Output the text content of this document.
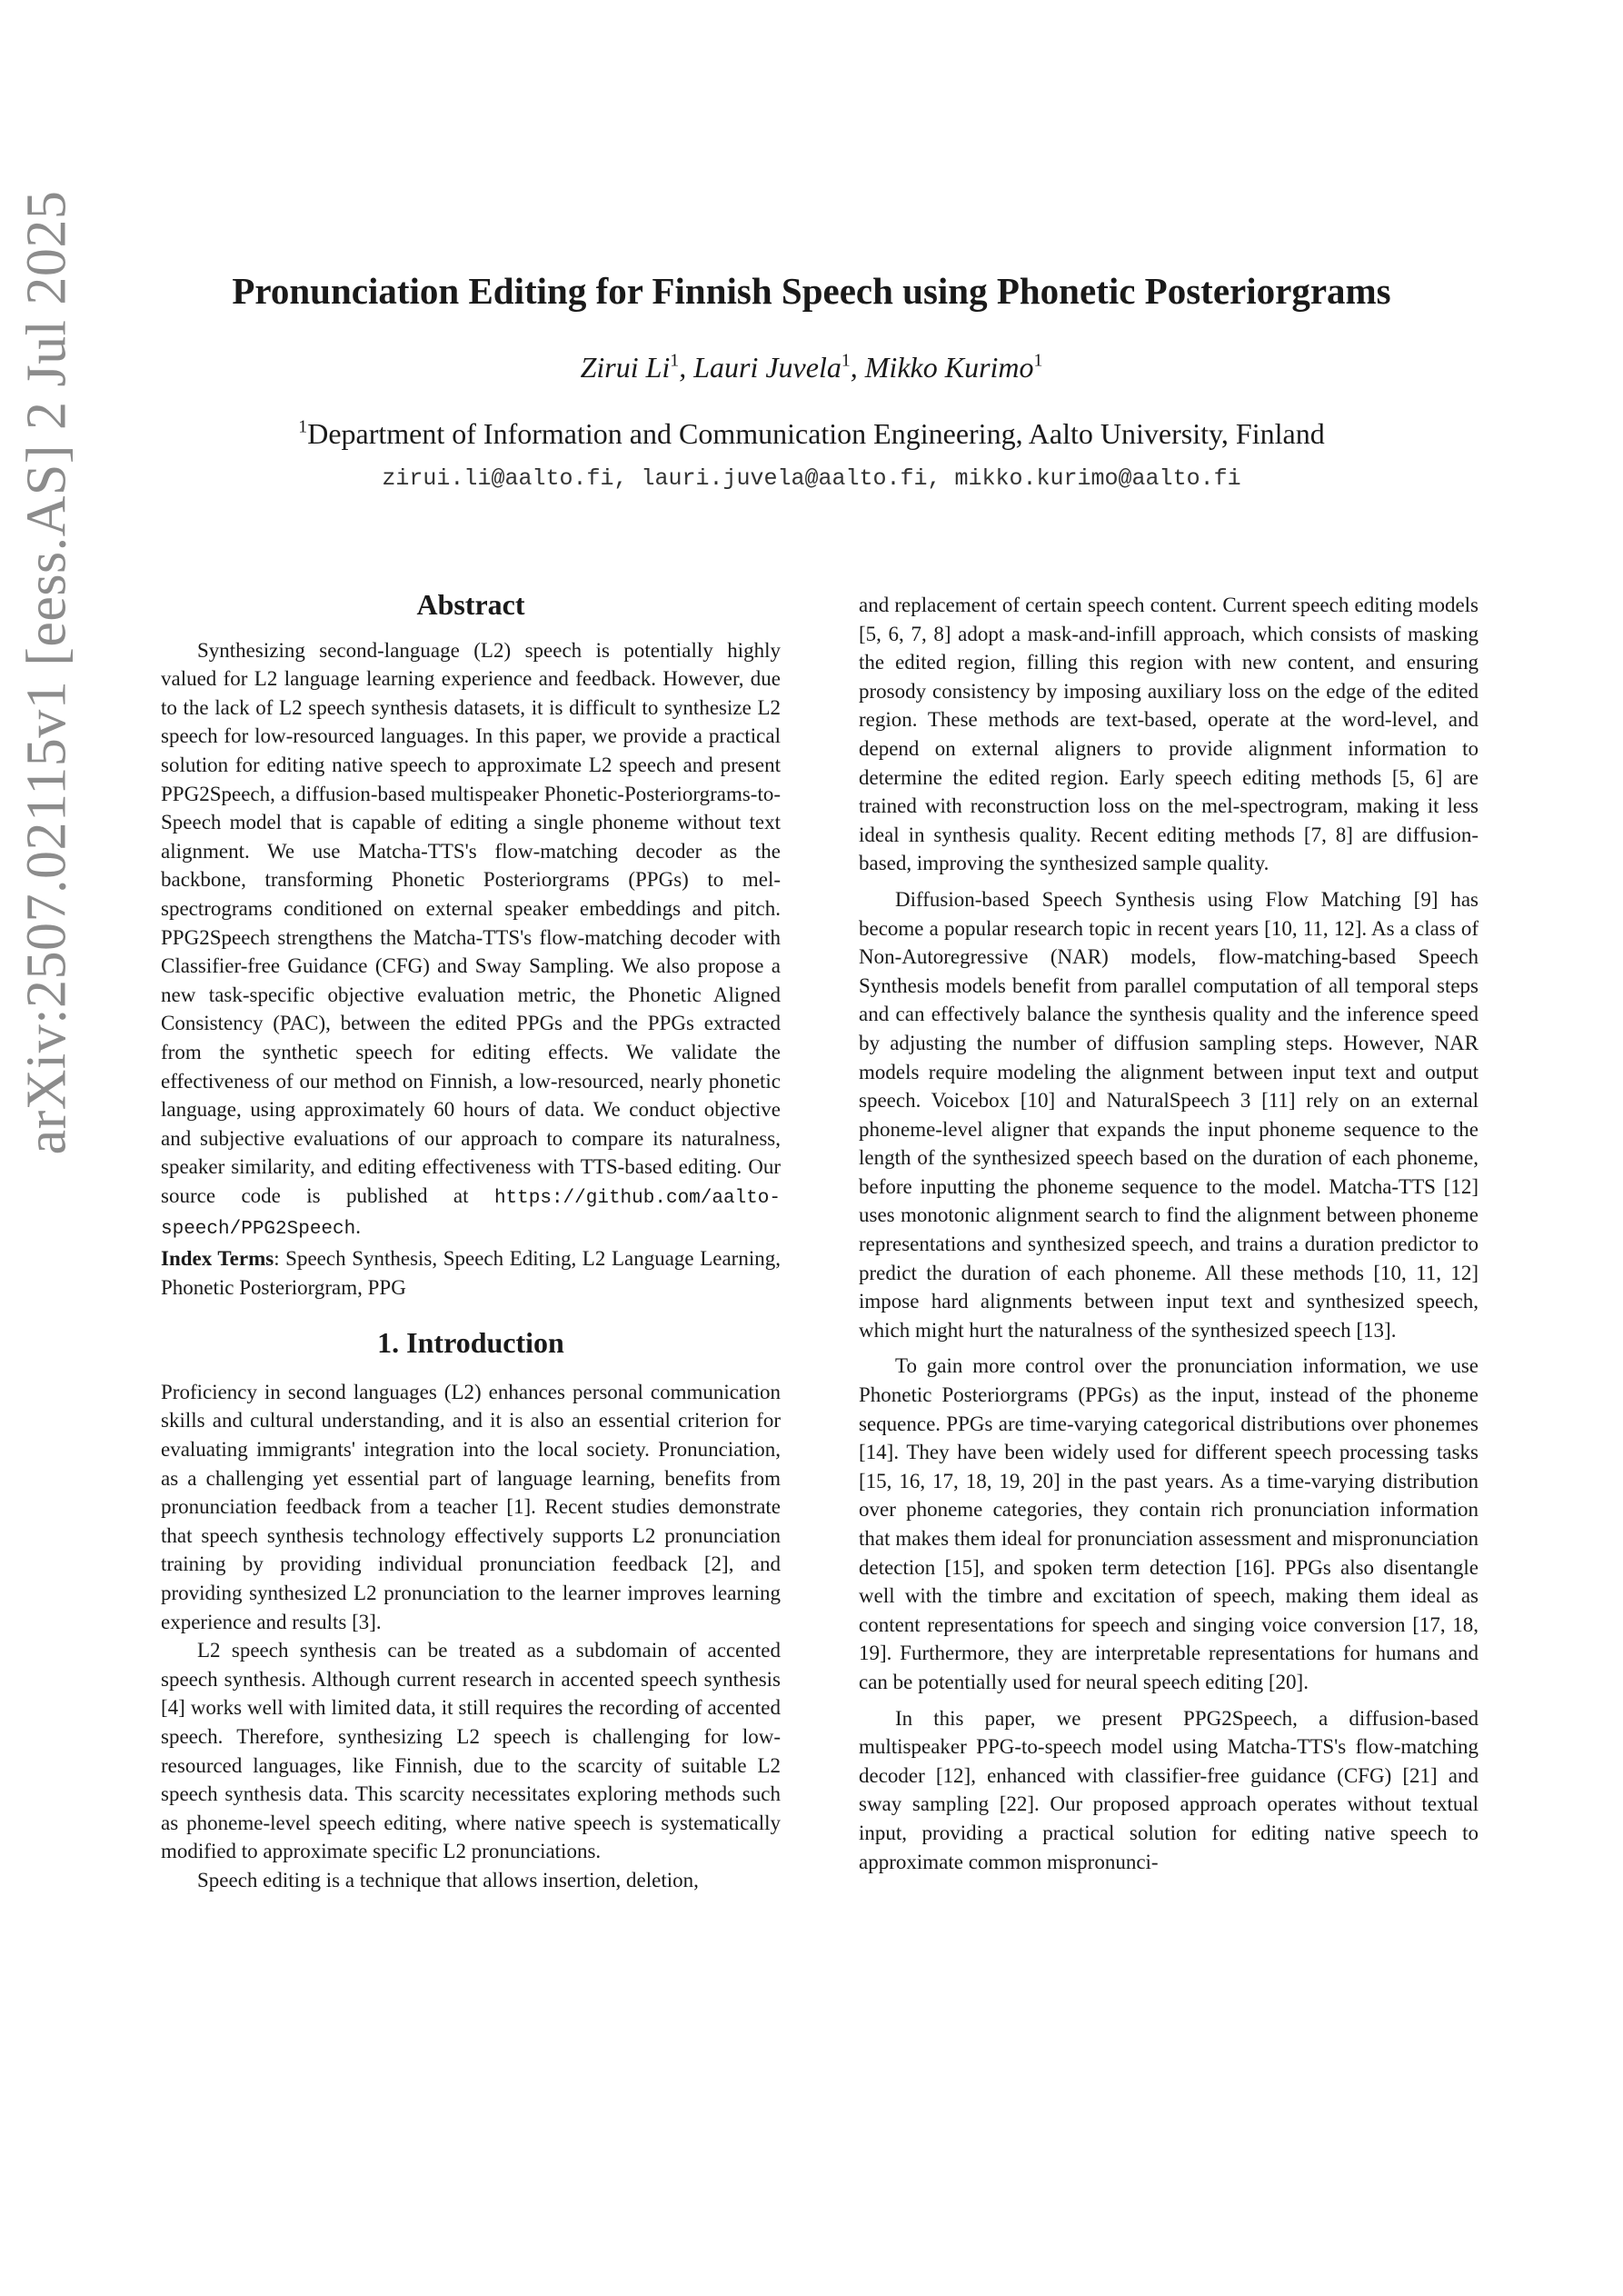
arXiv:2507.02115v1 [eess.AS] 2 Jul 2025	Pronunciation Editing for Finnish Speech using Phonetic Posteriorgrams
Zirui Li$^1$, Lauri Juvela$^1$, Mikko Kurimo$^1$
$^1$Department of Information and Communication Engineering, Aalto University, Finland
zirui.li@aalto.fi, lauri.juvela@aalto.fi, mikko.kurimo@aalto.fi
Abstract

Synthesizing second-language (L2) speech is potentially highly valued for L2 language learning experience and feedback. However, due to the lack of L2 speech synthesis datasets, it is difficult to synthesize L2 speech for low-resourced languages. In this paper, we provide a practical solution for editing native speech to approximate L2 speech and present PPG2Speech, a diffusion-based multispeaker Phonetic-Posteriorgrams-to-Speech model that is capable of editing a single phoneme without text alignment. We use Matcha-TTS's flow-matching decoder as the backbone, transforming Phonetic Posteriorgrams (PPGs) to mel-spectrograms conditioned on external speaker embeddings and pitch. PPG2Speech strengthens the Matcha-TTS's flow-matching decoder with Classifier-free Guidance (CFG) and Sway Sampling. We also propose a new task-specific objective evaluation metric, the Phonetic Aligned Consistency (PAC), between the edited PPGs and the PPGs extracted from the synthetic speech for editing effects. We validate the effectiveness of our method on Finnish, a low-resourced, nearly phonetic language, using approximately 60 hours of data. We conduct objective and subjective evaluations of our approach to compare its naturalness, speaker similarity, and editing effectiveness with TTS-based editing. Our source code is published at https://github.com/aalto-speech/PPG2Speech.

Index Terms: Speech Synthesis, Speech Editing, L2 Language Learning, Phonetic Posteriorgram, PPG

1. Introduction

Proficiency in second languages (L2) enhances personal communication skills and cultural understanding, and it is also an essential criterion for evaluating immigrants' integration into the local society. Pronunciation, as a challenging yet essential part of language learning, benefits from pronunciation feedback from a teacher [1]. Recent studies demonstrate that speech synthesis technology effectively supports L2 pronunciation training by providing individual pronunciation feedback [2], and providing synthesized L2 pronunciation to the learner improves learning experience and results [3].

L2 speech synthesis can be treated as a subdomain of accented speech synthesis. Although current research in accented speech synthesis [4] works well with limited data, it still requires the recording of accented speech. Therefore, synthesizing L2 speech is challenging for low-resourced languages, like Finnish, due to the scarcity of suitable L2 speech synthesis data. This scarcity necessitates exploring methods such as phoneme-level speech editing, where native speech is systematically modified to approximate specific L2 pronunciations.

Speech editing is a technique that allows insertion, deletion,

and replacement of certain speech content. Current speech editing models [5, 6, 7, 8] adopt a mask-and-infill approach, which consists of masking the edited region, filling this region with new content, and ensuring prosody consistency by imposing auxiliary loss on the edge of the edited region. These methods are text-based, operate at the word-level, and depend on external aligners to provide alignment information to determine the edited region. Early speech editing methods [5, 6] are trained with reconstruction loss on the mel-spectrogram, making it less ideal in synthesis quality. Recent editing methods [7, 8] are diffusion-based, improving the synthesized sample quality.

Diffusion-based Speech Synthesis using Flow Matching [9] has become a popular research topic in recent years [10, 11, 12]. As a class of Non-Autoregressive (NAR) models, flow-matching-based Speech Synthesis models benefit from parallel computation of all temporal steps and can effectively balance the synthesis quality and the inference speed by adjusting the number of diffusion sampling steps. However, NAR models require modeling the alignment between input text and output speech. Voicebox [10] and NaturalSpeech 3 [11] rely on an external phoneme-level aligner that expands the input phoneme sequence to the length of the synthesized speech based on the duration of each phoneme, before inputting the phoneme sequence to the model. Matcha-TTS [12] uses monotonic alignment search to find the alignment between phoneme representations and synthesized speech, and trains a duration predictor to predict the duration of each phoneme. All these methods [10, 11, 12] impose hard alignments between input text and synthesized speech, which might hurt the naturalness of the synthesized speech [13].

To gain more control over the pronunciation information, we use Phonetic Posteriorgrams (PPGs) as the input, instead of the phoneme sequence. PPGs are time-varying categorical distributions over phonemes [14]. They have been widely used for different speech processing tasks [15, 16, 17, 18, 19, 20] in the past years. As a time-varying distribution over phoneme categories, they contain rich pronunciation information that makes them ideal for pronunciation assessment and mispronunciation detection [15], and spoken term detection [16]. PPGs also disentangle well with the timbre and excitation of speech, making them ideal as content representations for speech and singing voice conversion [17, 18, 19]. Furthermore, they are interpretable representations for humans and can be potentially used for neural speech editing [20].

In this paper, we present PPG2Speech, a diffusion-based multispeaker PPG-to-speech model using Matcha-TTS's flow-matching decoder [12], enhanced with classifier-free guidance (CFG) [21] and sway sampling [22]. Our proposed approach operates without textual input, providing a practical solution for editing native speech to approximate common mispronunci-
